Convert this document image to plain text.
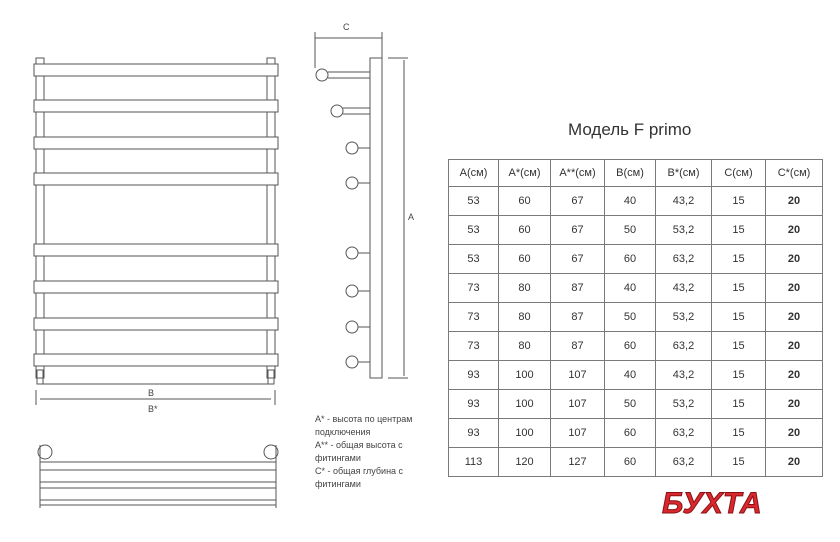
B
B*
C
A
A* - высота по центрам
подключения
A** - общая высота с
фитингами
C* - общая глубина с
фитингами
Модель F primo
A(см)	A*(см)	A**(см)	B(см)	B*(см)	C(см)	C*(см)
53	60	67	40	43,2	15	20
53	60	67	50	53,2	15	20
53	60	67	60	63,2	15	20
73	80	87	40	43,2	15	20
73	80	87	50	53,2	15	20
73	80	87	60	63,2	15	20
93	100	107	40	43,2	15	20
93	100	107	50	53,2	15	20
93	100	107	60	63,2	15	20
113	120	127	60	63,2	15	20
БУХТА
